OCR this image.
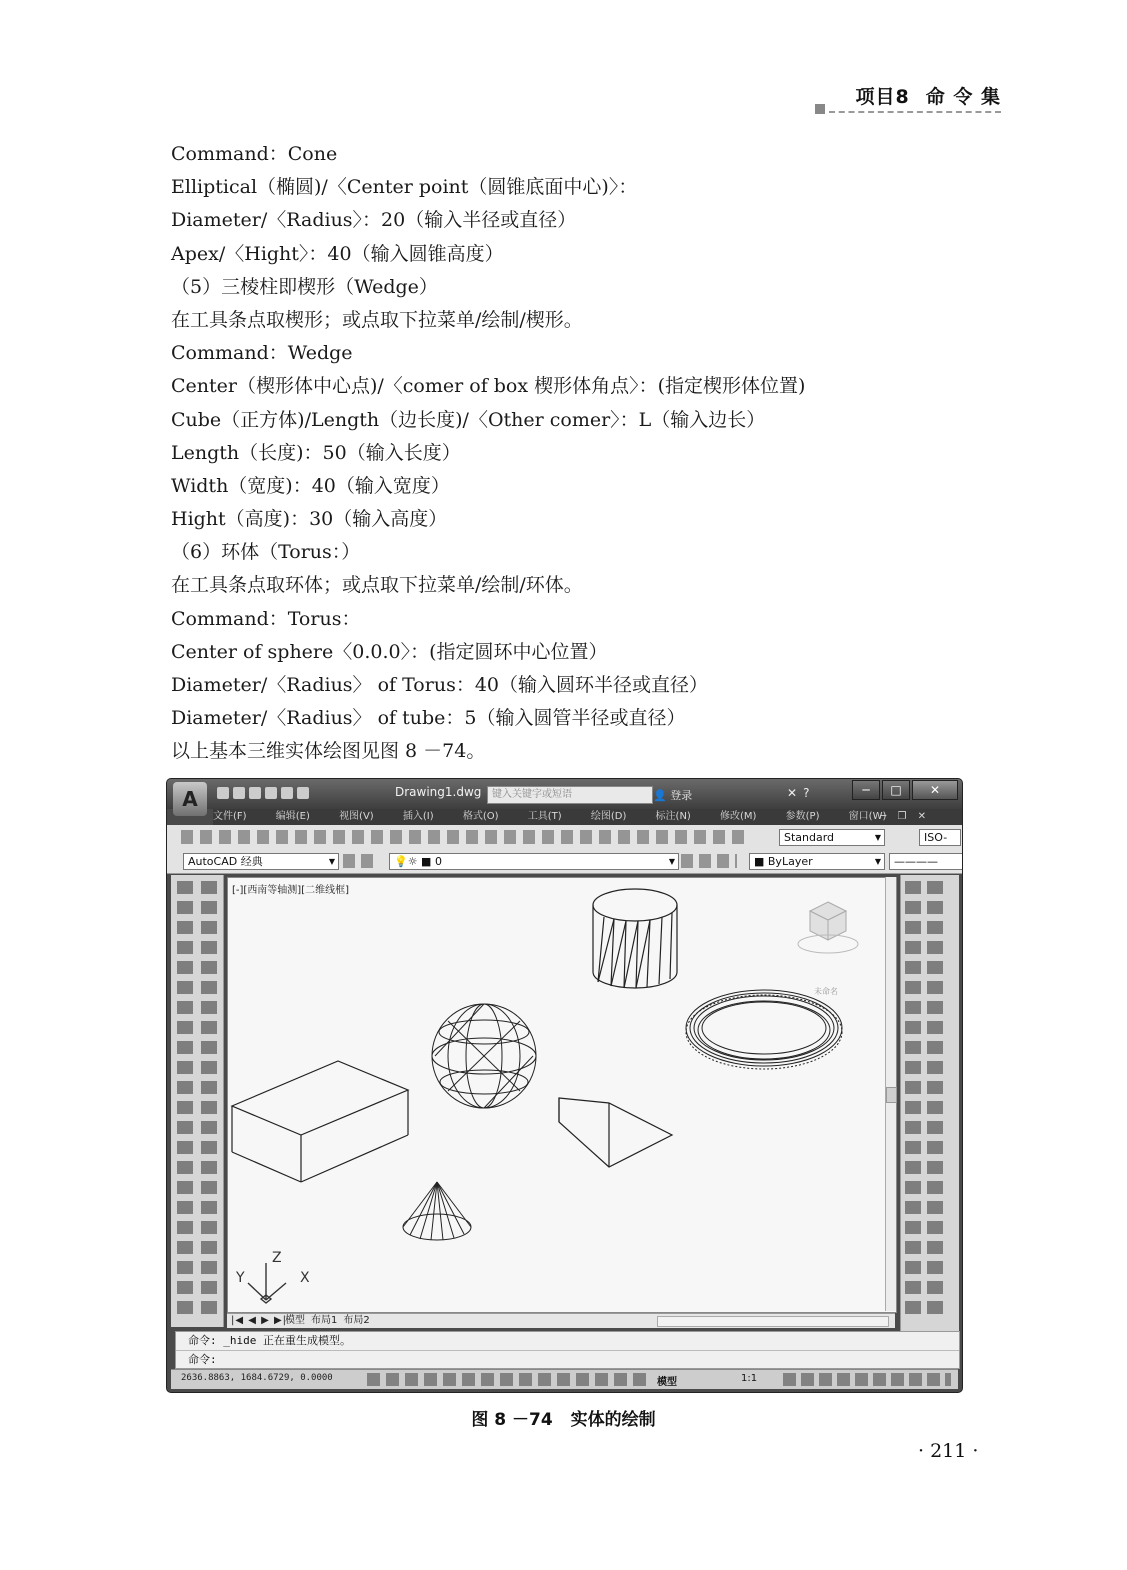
项目8 命 令 集
Command：Cone
Elliptical（椭圆)/〈Center point（圆锥底面中心)〉：
Diameter/〈Radius〉：20（输入半径或直径）
Apex/〈Hight〉：40（输入圆锥高度）
（5）三棱柱即楔形（Wedge）
在工具条点取楔形；或点取下拉菜单/绘制/楔形。
Command：Wedge
Center（楔形体中心点)/〈comer of box 楔形体角点〉：(指定楔形体位置)
Cube（正方体)/Length（边长度)/〈Other comer〉：L（输入边长）
Length（长度)：50（输入长度）
Width（宽度)：40（输入宽度）
Hight（高度)：30（输入高度）
（6）环体（Torus：）
在工具条点取环体；或点取下拉菜单/绘制/环体。
Command：Torus：
Center of sphere〈0.0.0〉：(指定圆环中心位置）
Diameter/〈Radius〉 of Torus：40（输入圆环半径或直径）
Diameter/〈Radius〉 of tube：5（输入圆管半径或直径）
以上基本三维实体绘图见图 8 －74。
A	Drawing1.dwg	键入关键字或短语	👤 登录	✕?	─	□	✕
文件(F)	编辑(E)	视图(V)	插入(I)	格式(O)	工具(T)	绘图(D)	标注(N)	修改(M)	参数(P)	窗口(W)
─ ❐ ✕
Standard	▼	ISO-
AutoCAD 经典	▼	💡☼ ■ 0	▼	■ ByLayer	▼	————
[-][西南等轴测][二维线框]
未命名
Z
Y	X
|◀ ◀ ▶ ▶|
模型 布局1 布局2
命令: _hide 正在重生成模型。
命令:
2636.8863, 1684.6729, 0.0000	模型	1:1
图 8 －74 实体的绘制
· 211 ·
